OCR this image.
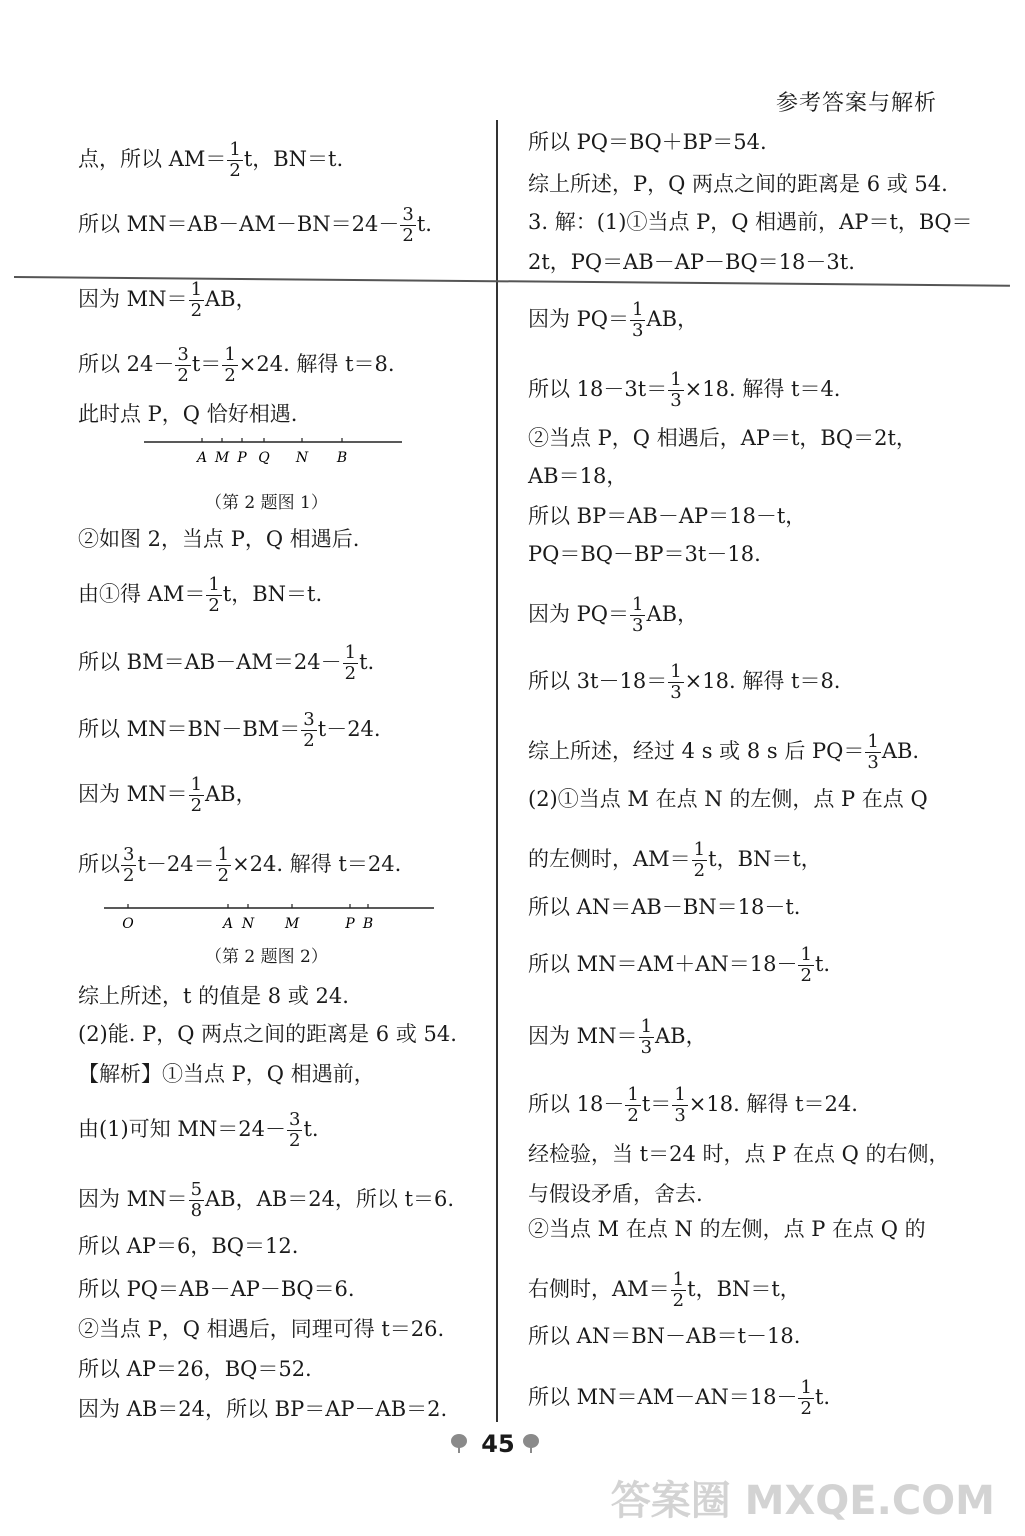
参考答案与解析
点，所以 $AM= \frac{1}{2}$ t，BN＝t.
所以 $MN=AB-AM-BN=24- \frac{3}{2} t$.
因为 $MN= \frac{1}{2}$ AB，
所以 $24- \frac{3}{2} t= \frac{1}{2} \times 24$. 解得 t＝8.
此时点 P，Q 恰好相遇.
②如图 2，当点 P，Q 相遇后.
由①得 $AM= \frac{1}{2}$ t，BN＝t.
所以 $BM=AB-AM=24- \frac{1}{2} t$.
所以 $MN=BN-BM= \frac{3}{2} t-24$.
因为 $MN= \frac{1}{2}$ AB，
所以 $\frac{3}{2} t-24= \frac{1}{2} \times 24$. 解得 t＝24.
综上所述，t 的值是 8 或 24.
(2)能. P，Q 两点之间的距离是 6 或 54.
【解析】①当点 P，Q 相遇前，
由(1)可知 $MN=24- \frac{3}{2} t$.
因为 $MN= \frac{5}{8}$ AB，AB＝24，所以 t＝6.
所以 AP＝6，BQ＝12.
所以 PQ＝AB－AP－BQ＝6.
②当点 P，Q 相遇后，同理可得 t＝26.
所以 AP＝26，BQ＝52.
因为 AB＝24，所以 BP＝AP－AB＝2.
所以 PQ＝BQ＋BP＝54.
综上所述，P，Q 两点之间的距离是 6 或 54.
3. 解：(1)①当点 P，Q 相遇前，AP＝t，BQ＝
2t，PQ＝AB－AP－BQ＝18－3t.
因为 $PQ= \frac{1}{3}$ AB，
所以 $18-3t= \frac{1}{3} \times 18$. 解得 t＝4.
②当点 P，Q 相遇后，AP＝t，BQ＝2t，
AB＝18，
所以 BP＝AB－AP＝18－t，
PQ＝BQ－BP＝3t－18.
因为 $PQ= \frac{1}{3}$ AB，
所以 $3t-18= \frac{1}{3} \times 18$. 解得 t＝8.
综上所述，经过 4 s 或 8 s 后 $PQ= \frac{1}{3}$ AB.
(2)①当点 M 在点 N 的左侧，点 P 在点 Q
的左侧时，$AM= \frac{1}{2}$ t，BN＝t，
所以 AN＝AB－BN＝18－t.
所以 $MN=AM+AN=18- \frac{1}{2} t$.
因为 $MN= \frac{1}{3}$ AB，
所以 $18- \frac{1}{2} t= \frac{1}{3} \times 18$. 解得 t＝24.
经检验，当 t＝24 时，点 P 在点 Q 的右侧，
与假设矛盾，舍去.
②当点 M 在点 N 的左侧，点 P 在点 Q 的
右侧时，$AM= \frac{1}{2}$ t，BN＝t，
所以 AN＝BN－AB＝t－18.
所以 $MN=AM-AN=18- \frac{1}{2} t$.
A M P Q N B
（第 2 题图 1）
O	A N M	P B
（第 2 题图 2）
45
答案圈 MXQE.COM
